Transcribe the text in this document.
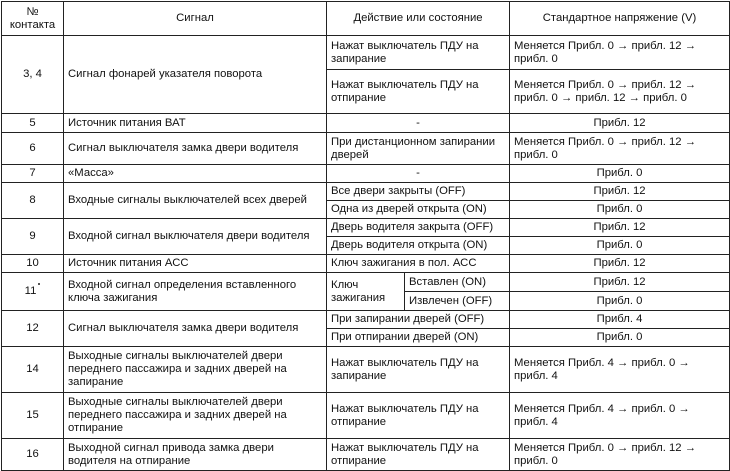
№ контакта	Сигнал	Действие или состояние		Стандартное напряжение (V)
3, 4	Сигнал фонарей указателя поворота	Нажат выключатель ПДУ на запирание		Меняется Прибл. 0 → прибл. 12 → прибл. 0
		Нажат выключатель ПДУ на отпирание		Меняется Прибл. 0 → прибл. 12 → прибл. 0 → прибл. 12 → прибл. 0
5	Источник питания ВАТ	-		Прибл. 12
6	Сигнал выключателя замка двери водителя	При дистанционном запирании дверей		Меняется Прибл. 0 → прибл. 12 → прибл. 0
7	«Масса»	-		Прибл. 0
8	Входные сигналы выключателей всех дверей	Все двери закрыты (OFF)		Прибл. 12
		Одна из дверей открыта (ON)		Прибл. 0
9	Входной сигнал выключателя двери водителя	Дверь водителя закрыта (OFF)		Прибл. 12
		Дверь водителя открыта (ON)		Прибл. 0
10	Источник питания АСС	Ключ зажигания в пол. АСС		Прибл. 12
11	Входной сигнал определения вставленного ключа зажигания	Ключ зажигания	Вставлен (ON)	Прибл. 12
			Извлечен (OFF)	Прибл. 0
12	Сигнал выключателя замка двери водителя	При запирании дверей (OFF)		Прибл. 4
		При отпирании дверей (ON)		Прибл. 0
14	Выходные сигналы выключателей двери переднего пассажира и задних дверей на запирание	Нажат выключатель ПДУ на запирание		Меняется Прибл. 4 → прибл. 0 → прибл. 4
15	Выходные сигналы выключателей двери переднего пассажира и задних дверей на отпирание	Нажат выключатель ПДУ на отпирание		Меняется Прибл. 4 → прибл. 0 → прибл. 4
16	Выходной сигнал привода замка двери водителя на отпирание	Нажат выключатель ПДУ на отпирание		Меняется Прибл. 0 → прибл. 12 → прибл. 0
